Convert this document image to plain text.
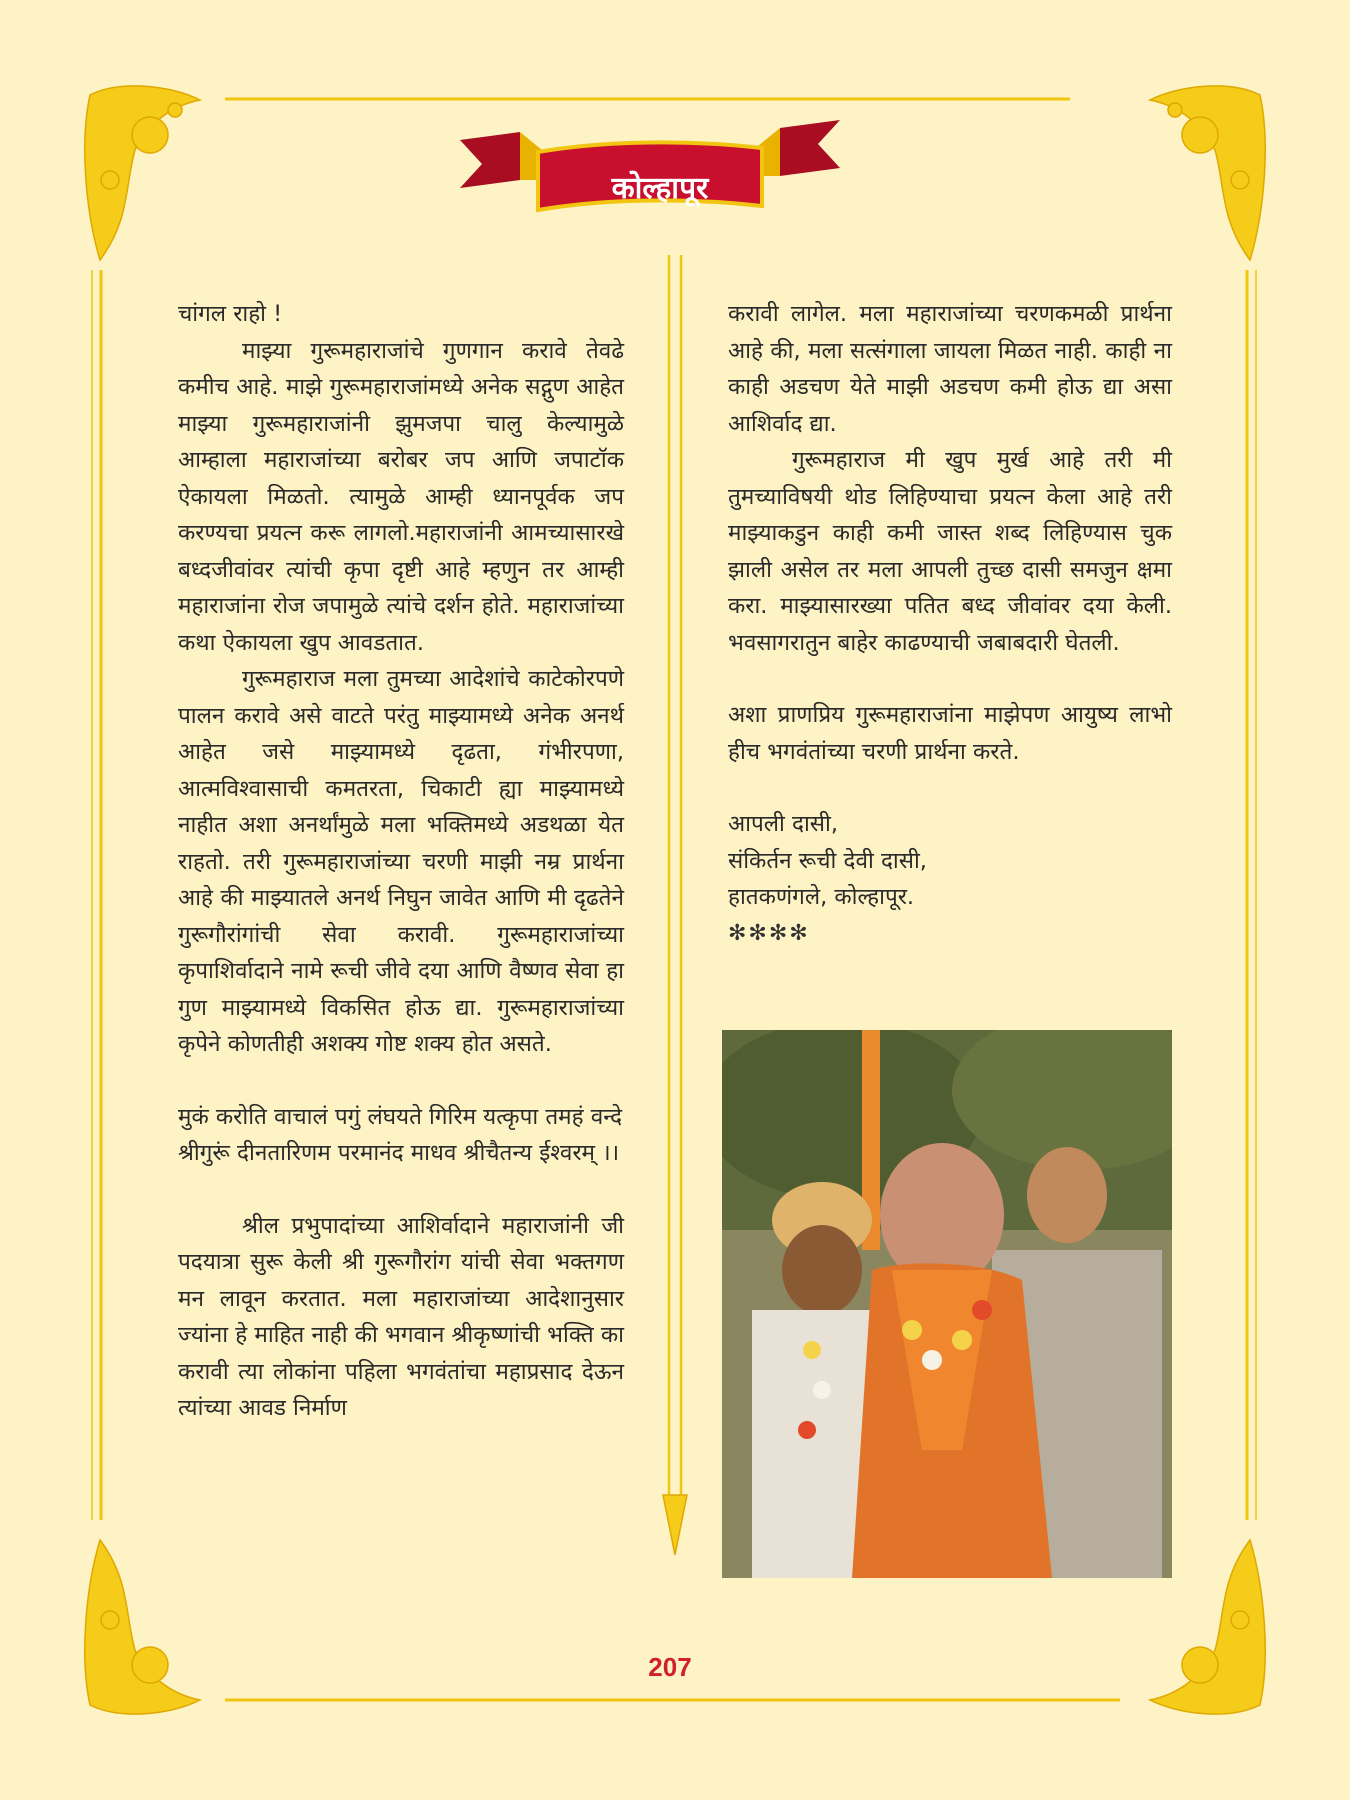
कोल्हापूर

चांगल राहो !

माझ्या गुरूमहाराजांचे गुणगान करावे तेवढे कमीच आहे. माझे गुरूमहाराजांमध्ये अनेक सद्गुण आहेत माझ्या गुरूमहाराजांनी झुमजपा चालु केल्यामुळे आम्हाला महाराजांच्या बरोबर जप आणि जपाटॉक ऐकायला मिळतो. त्यामुळे आम्ही ध्यानपूर्वक जप करण्यचा प्रयत्न करू लागलो.महाराजांनी आमच्यासारखे बध्दजीवांवर त्यांची कृपा दृष्टी आहे म्हणुन तर आम्ही महाराजांना रोज जपामुळे त्यांचे दर्शन होते. महाराजांच्या कथा ऐकायला खुप आवडतात.

गुरूमहाराज मला तुमच्या आदेशांचे काटेकोरपणे पालन करावे असे वाटते परंतु माझ्यामध्ये अनेक अनर्थ आहेत जसे माझ्यामध्ये दृढता, गंभीरपणा, आत्मविश्वासाची कमतरता, चिकाटी ह्या माझ्यामध्ये नाहीत अशा अनर्थांमुळे मला भक्तिमध्ये अडथळा येत राहतो. तरी गुरूमहाराजांच्या चरणी माझी नम्र प्रार्थना आहे की माझ्यातले अनर्थ निघुन जावेत आणि मी दृढतेने गुरूगौरांगांची सेवा करावी. गुरूमहाराजांच्या कृपाशिर्वादाने नामे रूची जीवे दया आणि वैष्णव सेवा हा गुण माझ्यामध्ये विकसित होऊ द्या. गुरूमहाराजांच्या कृपेने कोणतीही अशक्य गोष्ट शक्य होत असते.

मुकं करोति वाचालं पगुं लंघयते गिरिम यत्कृपा तमहं वन्दे

श्रीगुरूं दीनतारिणम परमानंद माधव श्रीचैतन्य ईश्वरम् ।।

श्रील प्रभुपादांच्या आशिर्वादाने महाराजांनी जी पदयात्रा सुरू केली श्री गुरूगौरांग यांची सेवा भक्तगण मन लावून करतात. मला महाराजांच्या आदेशानुसार ज्यांना हे माहित नाही की भगवान श्रीकृष्णांची भक्ति का करावी त्या लोकांना पहिला भगवंतांचा महाप्रसाद देऊन त्यांच्या आवड निर्माण

करावी लागेल. मला महाराजांच्या चरणकमळी प्रार्थना आहे की, मला सत्संगाला जायला मिळत नाही. काही ना काही अडचण येते माझी अडचण कमी होऊ द्या असा आशिर्वाद द्या.

गुरूमहाराज मी खुप मुर्ख आहे तरी मी तुमच्याविषयी थोड लिहिण्याचा प्रयत्न केला आहे तरी माझ्याकडुन काही कमी जास्त शब्द लिहिण्यास चुक झाली असेल तर मला आपली तुच्छ दासी समजुन क्षमा करा. माझ्यासारख्या पतित बध्द जीवांवर दया केली. भवसागरातुन बाहेर काढण्याची जबाबदारी घेतली.

अशा प्राणप्रिय गुरूमहाराजांना माझेपण आयुष्य लाभो हीच भगवंतांच्या चरणी प्रार्थना करते.

आपली दासी,

संकिर्तन रूची देवी दासी,

हातकणंगले, कोल्हापूर.

✻✻✻✻

207
